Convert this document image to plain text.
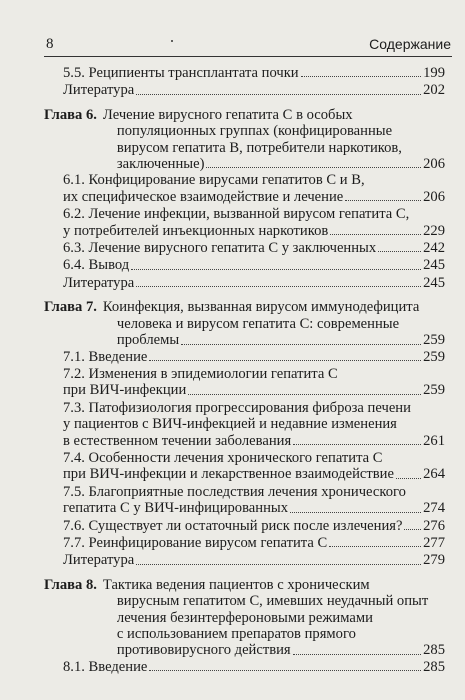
8	Содержание
5.5. Реципиенты трансплантата почки	199
Литература	202
Глава 6. Лечение вирусного гепатита С в особых
популяционных группах (конфицированные
вирусом гепатита В, потребители наркотиков,
заключенные)	206
6.1. Конфицирование вирусами гепатитов С и В,
их специфическое взаимодействие и лечение	206
6.2. Лечение инфекции, вызванной вирусом гепатита С,
у потребителей инъекционных наркотиков	229
6.3. Лечение вирусного гепатита С у заключенных	242
6.4. Вывод	245
Литература	245
Глава 7. Коинфекция, вызванная вирусом иммунодефицита
человека и вирусом гепатита С: современные
проблемы	259
7.1. Введение	259
7.2. Изменения в эпидемиологии гепатита С
при ВИЧ-инфекции	259
7.3. Патофизиология прогрессирования фиброза печени
у пациентов с ВИЧ-инфекцией и недавние изменения
в естественном течении заболевания	261
7.4. Особенности лечения хронического гепатита С
при ВИЧ-инфекции и лекарственное взаимодействие 264
7.5. Благоприятные последствия лечения хронического
гепатита С у ВИЧ-инфицированных	274
7.6. Существует ли остаточный риск после излечения? 276
7.7. Реинфицирование вирусом гепатита С	277
Литература	279
Глава 8. Тактика ведения пациентов с хроническим
вирусным гепатитом С, имевших неудачный опыт
лечения безинтерфероновыми режимами
с использованием препаратов прямого
противовирусного действия	285
8.1. Введение	285
